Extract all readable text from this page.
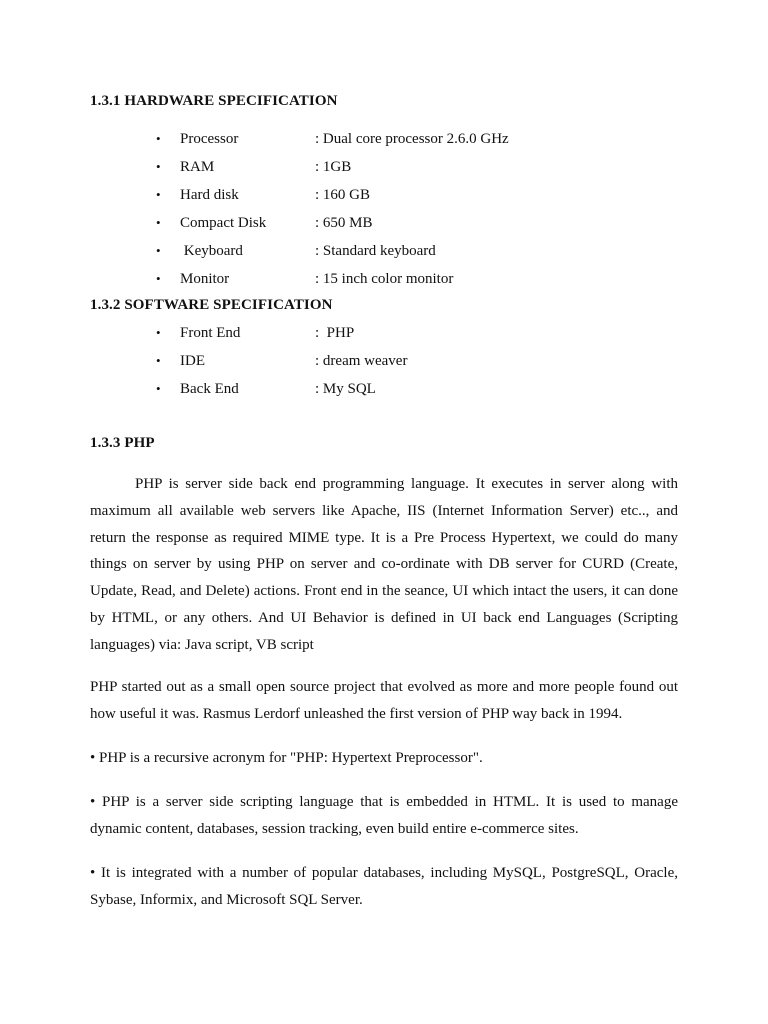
1.3.1 HARDWARE SPECIFICATION
• Processor	: Dual core processor 2.6.0 GHz
• RAM	: 1GB
• Hard disk	: 160 GB
• Compact Disk	: 650 MB
• Keyboard	: Standard keyboard
• Monitor	: 15 inch color monitor
1.3.2 SOFTWARE SPECIFICATION
• Front End	:  PHP
• IDE	: dream weaver
• Back End	: My SQL
1.3.3 PHP
PHP is server side back end programming language. It executes in server along with maximum all available web servers like Apache, IIS (Internet Information Server) etc.., and return the response as required MIME type. It is a Pre Process Hypertext, we could do many things on server by using PHP on server and co-ordinate with DB server for CURD (Create, Update, Read, and Delete) actions. Front end in the seance, UI which intact the users, it can done by HTML, or any others. And UI Behavior is defined in UI back end Languages (Scripting languages) via: Java script, VB script
PHP started out as a small open source project that evolved as more and more people found out how useful it was. Rasmus Lerdorf unleashed the first version of PHP way back in 1994.
• PHP is a recursive acronym for "PHP: Hypertext Preprocessor".
• PHP is a server side scripting language that is embedded in HTML. It is used to manage dynamic content, databases, session tracking, even build entire e-commerce sites.
• It is integrated with a number of popular databases, including MySQL, PostgreSQL, Oracle, Sybase, Informix, and Microsoft SQL Server.
